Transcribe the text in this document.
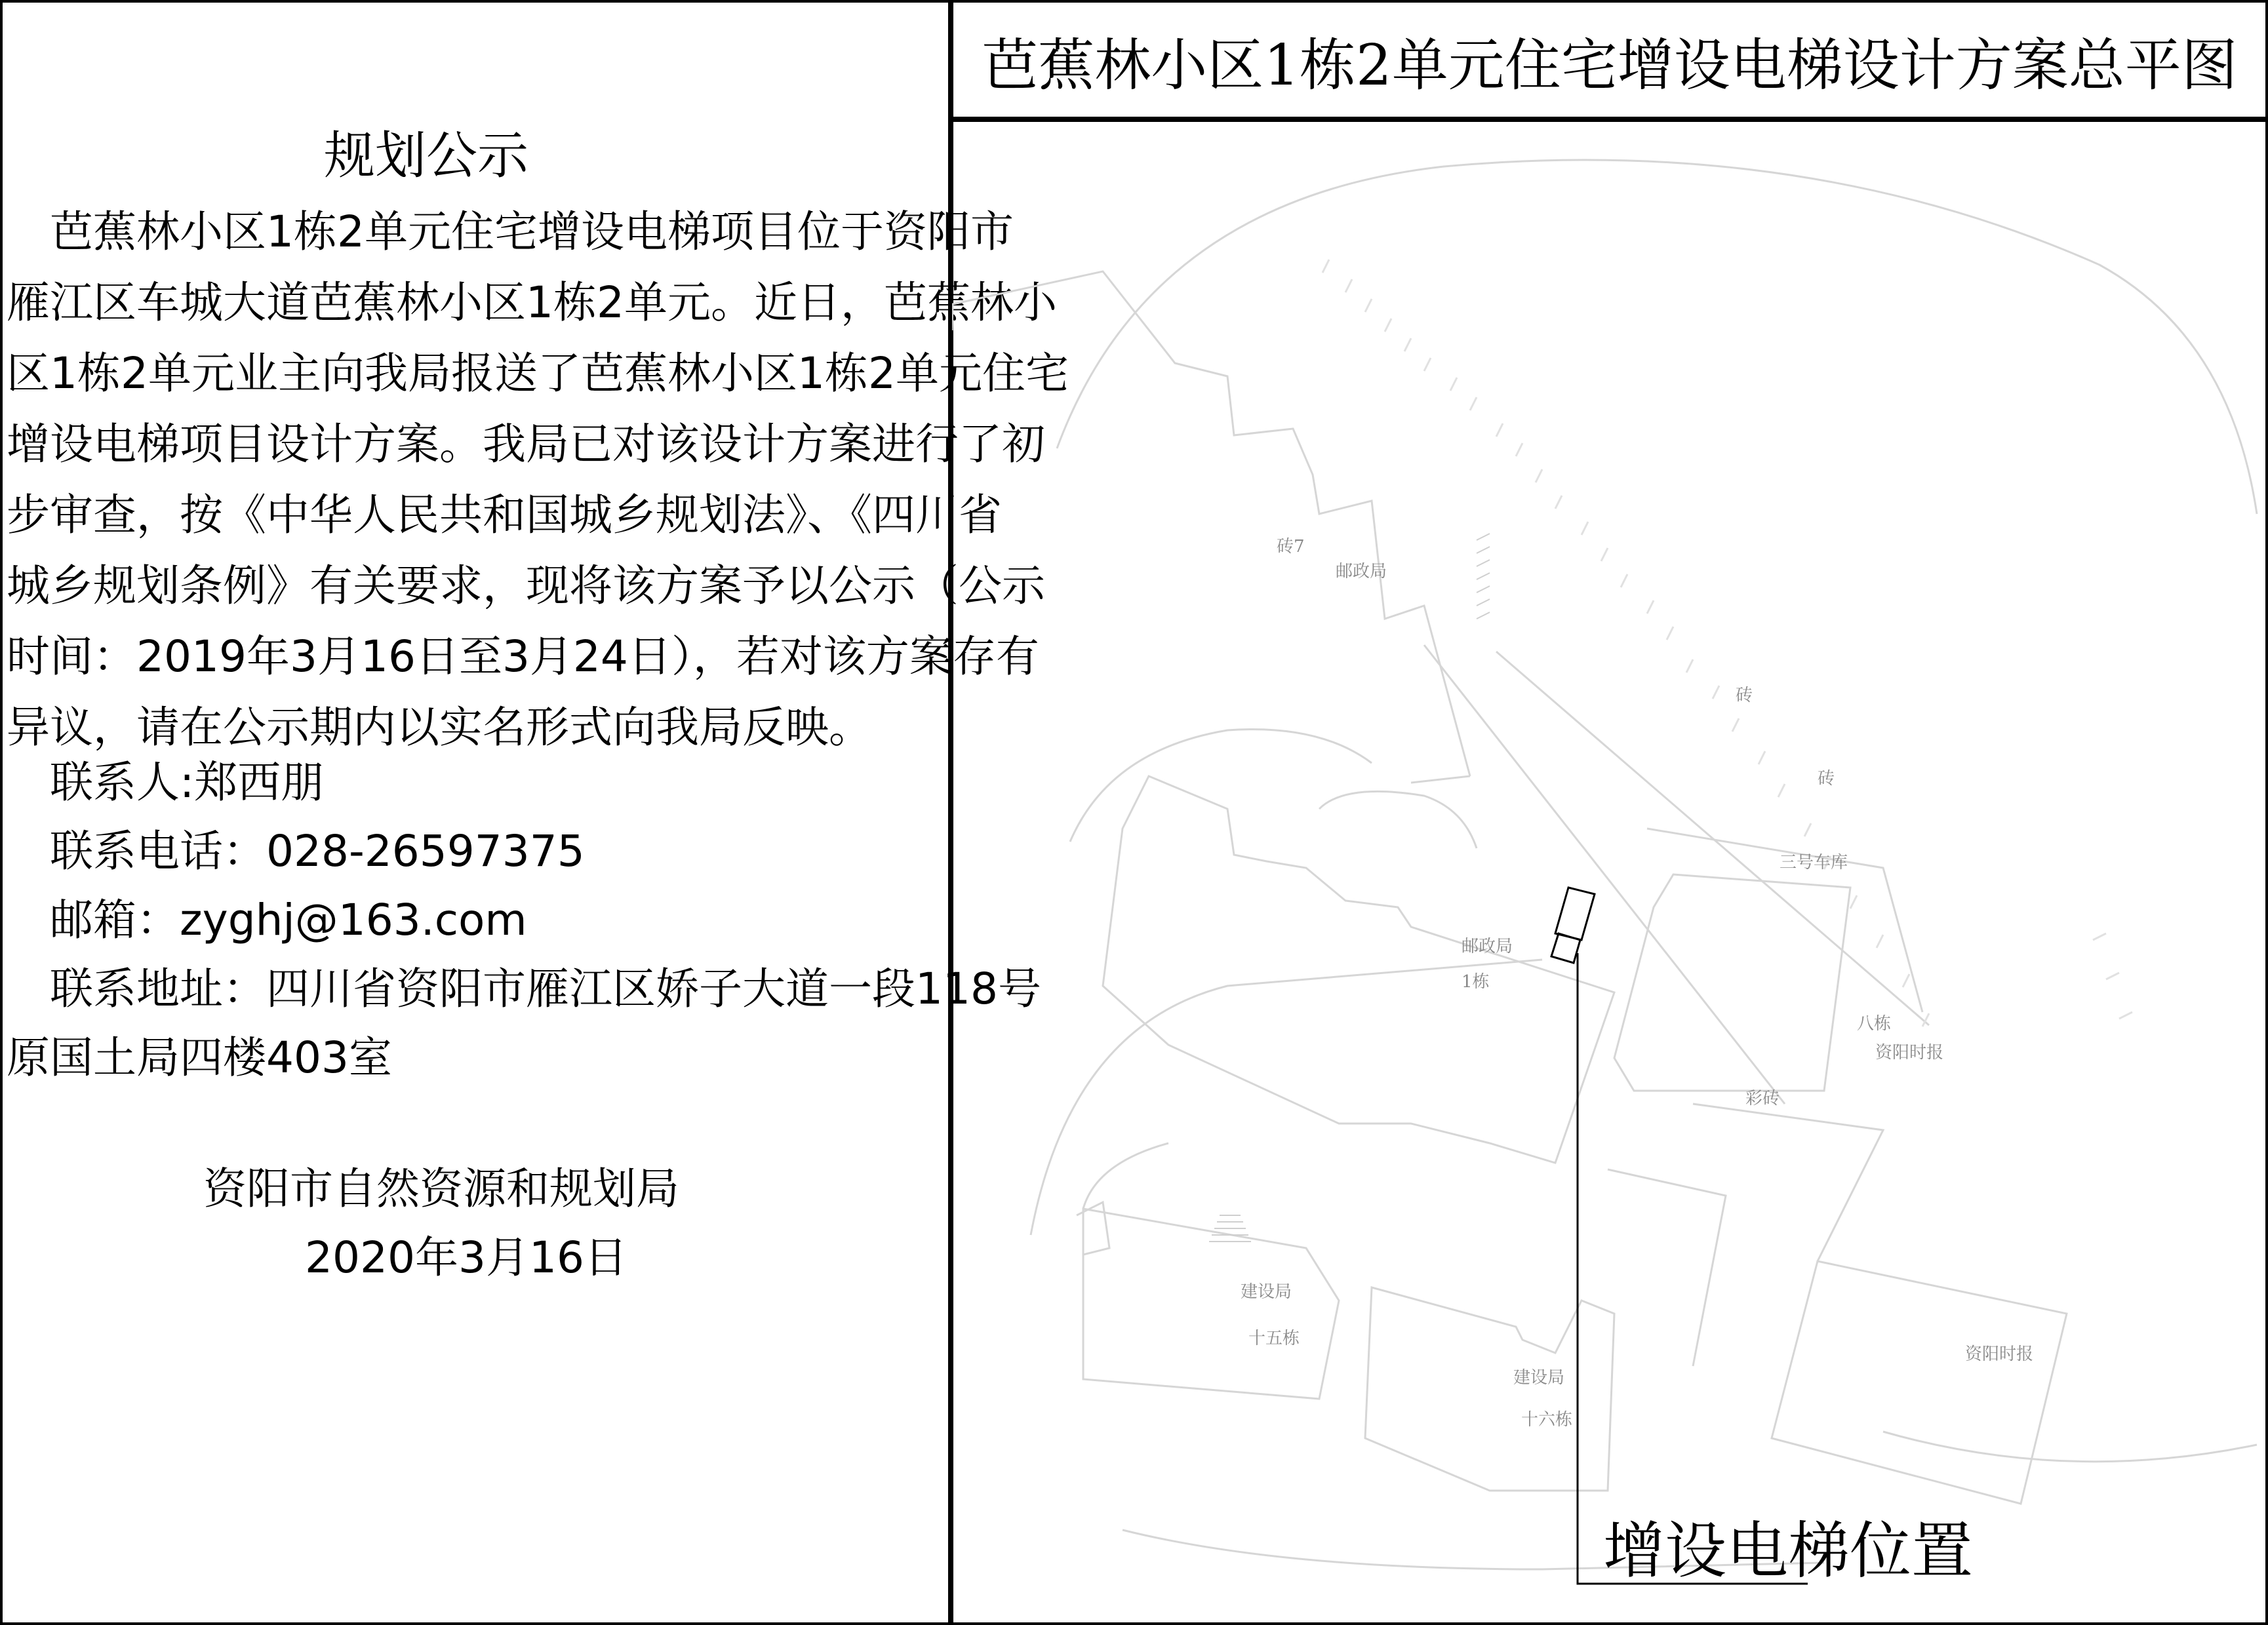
规划公示
　芭蕉林小区1栋2单元住宅增设电梯项目位于资阳市
雁江区车城大道芭蕉林小区1栋2单元。近日，芭蕉林小
区1栋2单元业主向我局报送了芭蕉林小区1栋2单元住宅
增设电梯项目设计方案。我局已对该设计方案进行了初
步审查，按《中华人民共和国城乡规划法》、《四川省
城乡规划条例》有关要求，现将该方案予以公示（公示
时间：2019年3月16日至3月24日），若对该方案存有
异议，请在公示期内以实名形式向我局反映。
　联系人:郑西朋
　联系电话：028-26597375
　邮箱：zyghj@163.com
　联系地址：四川省资阳市雁江区娇子大道一段118号
原国土局四楼403室
资阳市自然资源和规划局
2020年3月16日
芭蕉林小区1栋2单元住宅增设电梯设计方案总平图
砖7
邮政局
砖
砖
三号车库
邮政局
1栋
八栋
资阳时报
彩砖
建设局
十五栋
建设局
十六栋
资阳时报
增设电梯位置
